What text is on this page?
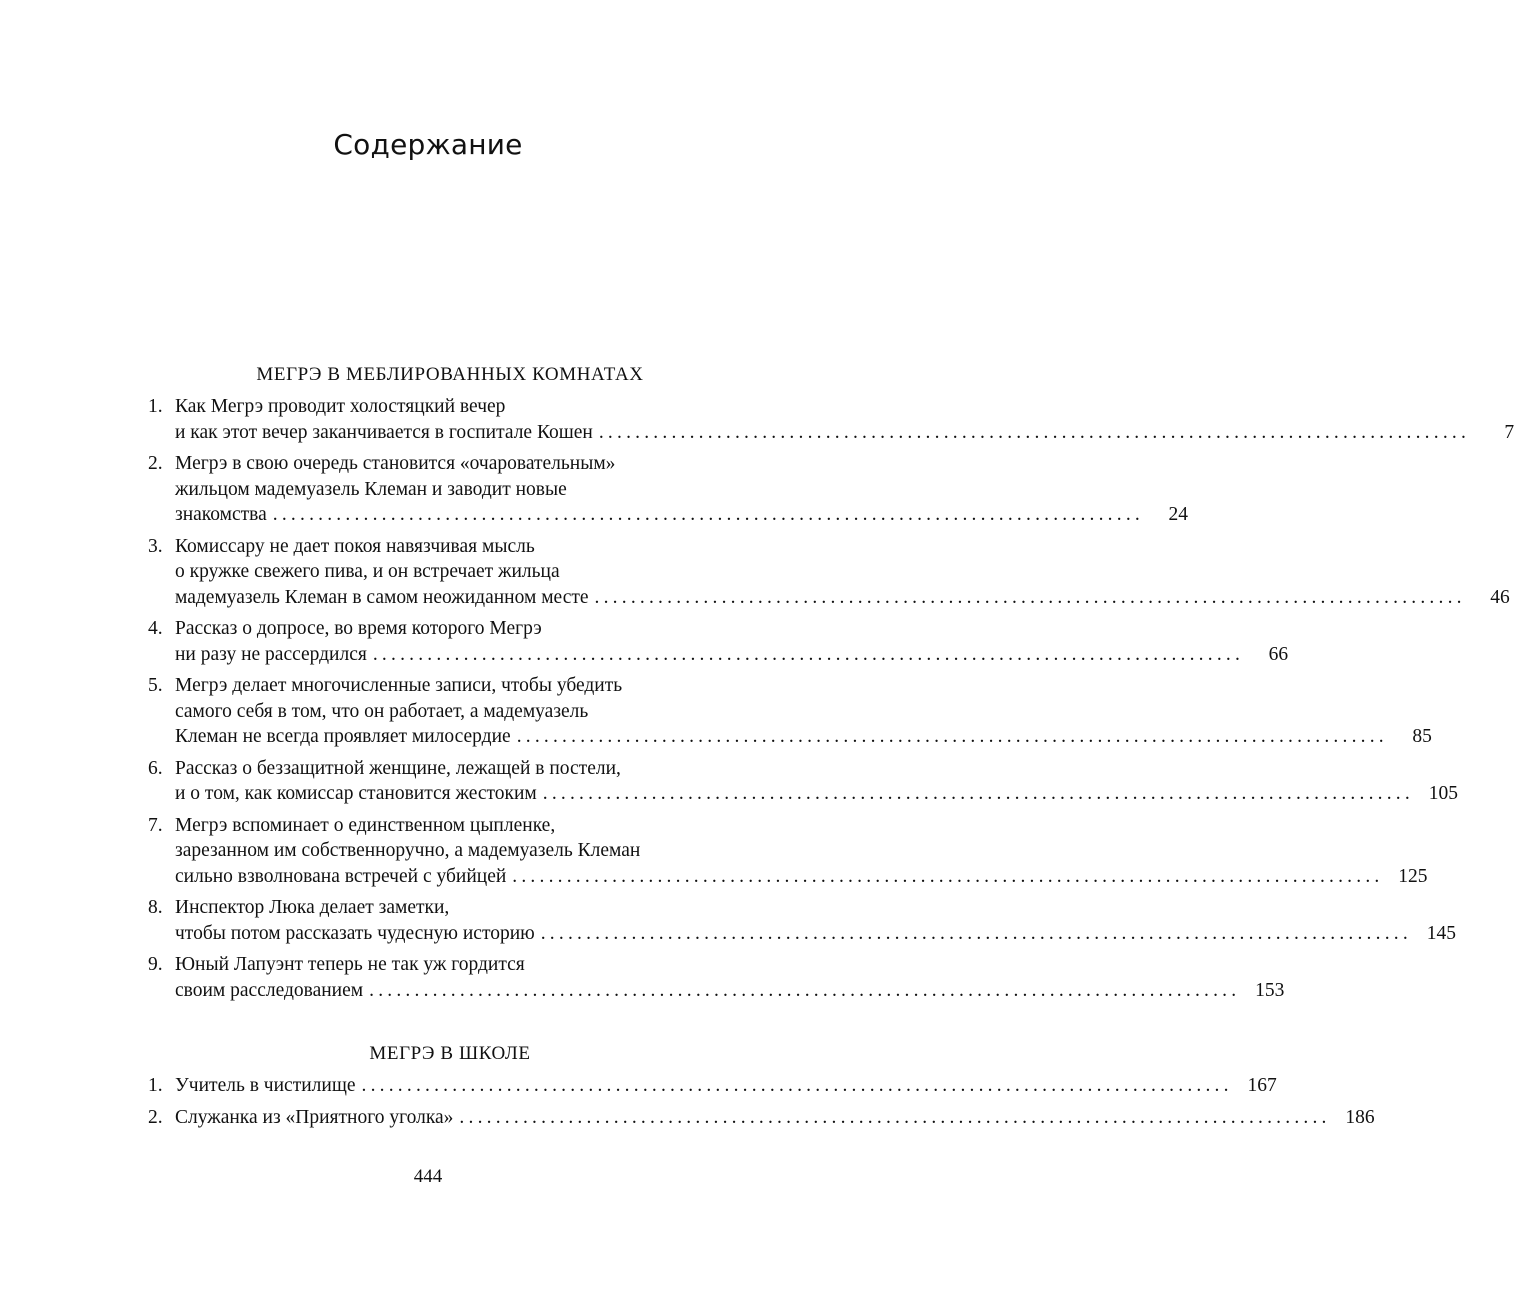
Содержание
МЕГРЭ В МЕБЛИРОВАННЫХ КОМНАТАХ
1. Как Мегрэ проводит холостяцкий вечер
и как этот вечер заканчивается в госпитале Кошен ................................................................................................	7
2. Мегрэ в свою очередь становится «очаровательным»
жильцом мадемуазель Клеман и заводит новые
знакомства ................................................................................................	24
3. Комиссару не дает покоя навязчивая мысль
о кружке свежего пива, и он встречает жильца
мадемуазель Клеман в самом неожиданном месте ................................................................................................	46
4. Рассказ о допросе, во время которого Мегрэ
ни разу не рассердился ................................................................................................	66
5. Мегрэ делает многочисленные записи, чтобы убедить
самого себя в том, что он работает, а мадемуазель
Клеман не всегда проявляет милосердие ................................................................................................	85
6. Рассказ о беззащитной женщине, лежащей в постели,
и о том, как комиссар становится жестоким ................................................................................................ 105
7. Мегрэ вспоминает о единственном цыпленке,
зарезанном им собственноручно, а мадемуазель Клеман
сильно взволнована встречей с убийцей ................................................................................................ 125
8. Инспектор Люка делает заметки,
чтобы потом рассказать чудесную историю ................................................................................................ 145
9. Юный Лапуэнт теперь не так уж гордится
своим расследованием ................................................................................................ 153
МЕГРЭ В ШКОЛЕ
1. Учитель в чистилище ................................................................................................ 167
2. Служанка из «Приятного уголка» ................................................................................................ 186
444
